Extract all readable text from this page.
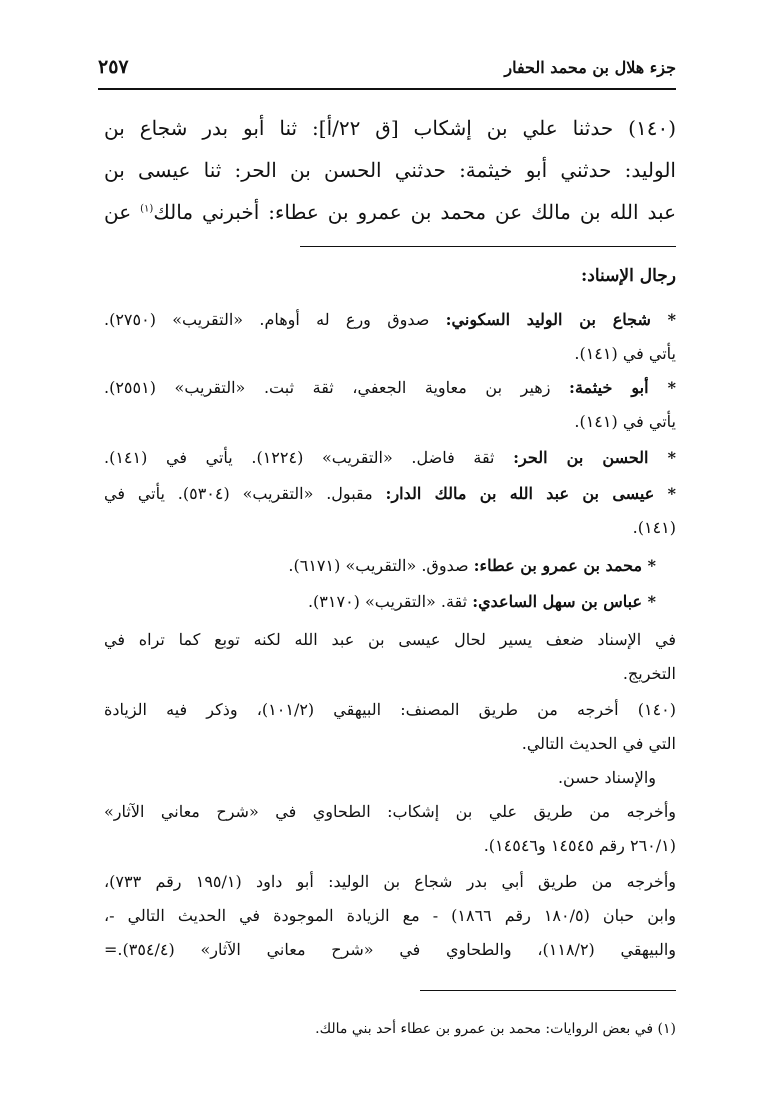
جزء هلال بن محمد الحفار
٢٥٧
(١٤٠) حدثنا علي بن إشكاب [ق ٢٢/أ]: ثنا أبو بدر شجاع بن
الوليد: حدثني أبو خيثمة: حدثني الحسن بن الحر: ثنا عيسى بن
عبد الله بن مالك عن محمد بن عمرو بن عطاء: أخبرني مالك$^{(١)}$ عن
رجال الإسناد:
* شجاع بن الوليد السكوني: صدوق ورع له أوهام. «التقريب» (٢٧٥٠).
يأتي في (١٤١).
* أبو خيثمة: زهير بن معاوية الجعفي، ثقة ثبت. «التقريب» (٢٥٥١).
يأتي في (١٤١).
* الحسن بن الحر: ثقة فاضل. «التقريب» (١٢٢٤). يأتي في (١٤١).
* عيسى بن عبد الله بن مالك الدار: مقبول. «التقريب» (٥٣٠٤). يأتي في
(١٤١).
* محمد بن عمرو بن عطاء: صدوق. «التقريب» (٦١٧١).
* عباس بن سهل الساعدي: ثقة. «التقريب» (٣١٧٠).
في الإسناد ضعف يسير لحال عيسى بن عبد الله لكنه توبع كما تراه في
التخريج.
(١٤٠) أخرجه من طريق المصنف: البيهقي (١٠١/٢)، وذكر فيه الزيادة
التي في الحديث التالي.
والإسناد حسن.
وأخرجه من طريق علي بن إشكاب: الطحاوي في «شرح معاني الآثار»
(٢٦٠/١ رقم ١٤٥٤٥ و١٤٥٤٦).
وأخرجه من طريق أبي بدر شجاع بن الوليد: أبو داود (١٩٥/١ رقم ٧٣٣)،
وابن حبان (١٨٠/٥ رقم ١٨٦٦) - مع الزيادة الموجودة في الحديث التالي -،
والبيهقي (١١٨/٢)، والطحاوي في «شرح معاني الآثار» (٣٥٤/٤).=
(١) في بعض الروايات: محمد بن عمرو بن عطاء أحد بني مالك.
